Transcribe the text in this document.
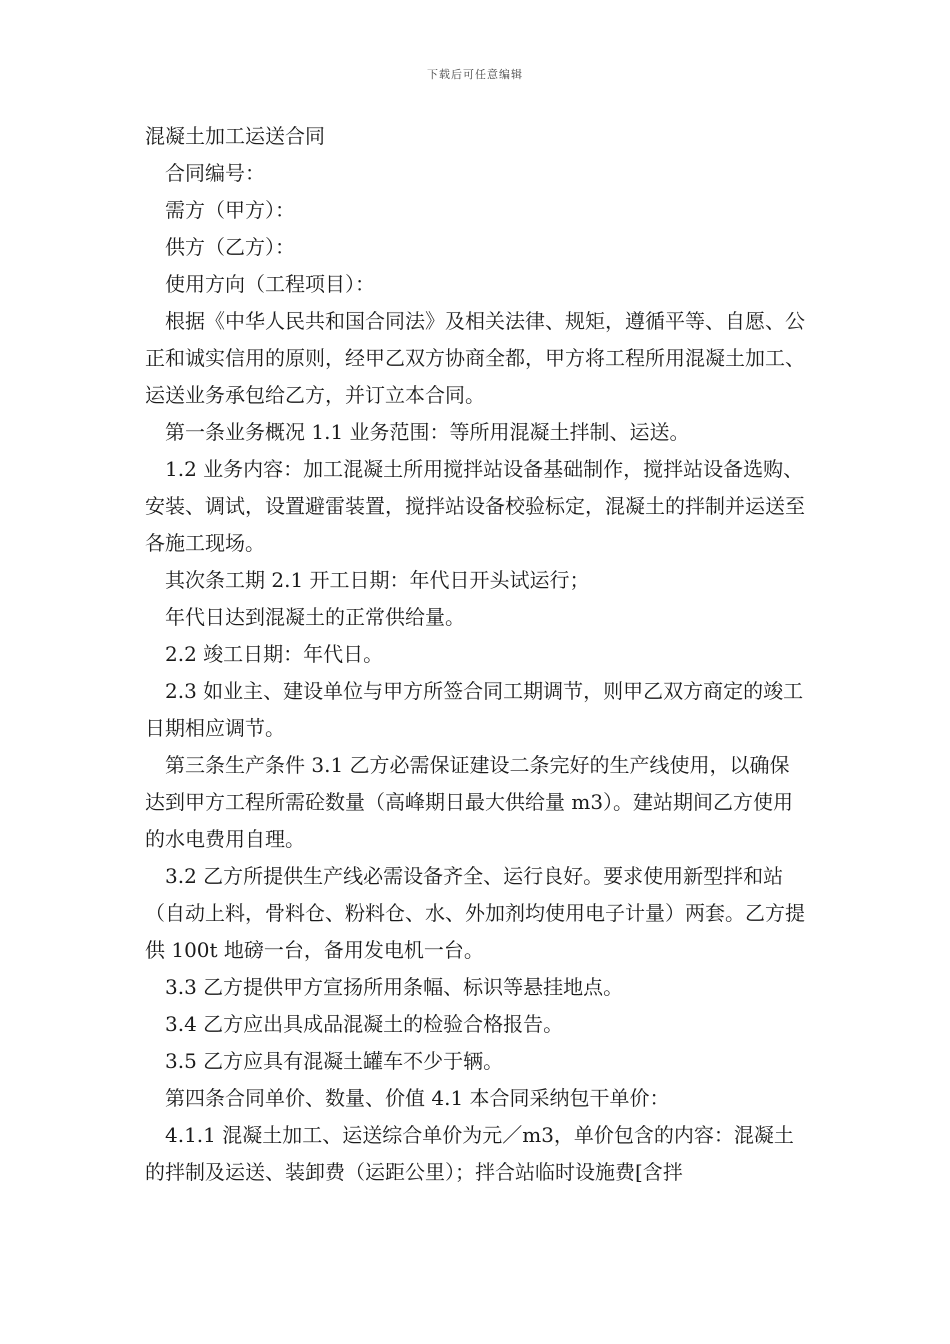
下载后可任意编辑

混凝土加工运送合同

合同编号：

需方（甲方）：

供方（乙方）：

使用方向（工程项目）：

根据《中华人民共和国合同法》及相关法律、规矩，遵循平等、自愿、公正和诚实信用的原则，经甲乙双方协商全都，甲方将工程所用混凝土加工、运送业务承包给乙方，并订立本合同。

第一条业务概况 1.1 业务范围：等所用混凝土拌制、运送。

1.2 业务内容：加工混凝土所用搅拌站设备基础制作，搅拌站设备选购、安装、调试，设置避雷装置，搅拌站设备校验标定，混凝土的拌制并运送至各施工现场。

其次条工期 2.1 开工日期：年代日开头试运行；

年代日达到混凝土的正常供给量。

2.2 竣工日期：年代日。

2.3 如业主、建设单位与甲方所签合同工期调节，则甲乙双方商定的竣工日期相应调节。

第三条生产条件 3.1 乙方必需保证建设二条完好的生产线使用，以确保达到甲方工程所需砼数量（高峰期日最大供给量 m3）。建站期间乙方使用的水电费用自理。

3.2 乙方所提供生产线必需设备齐全、运行良好。要求使用新型拌和站（自动上料，骨料仓、粉料仓、水、外加剂均使用电子计量）两套。乙方提供 100t 地磅一台，备用发电机一台。

3.3 乙方提供甲方宣扬所用条幅、标识等悬挂地点。

3.4 乙方应出具成品混凝土的检验合格报告。

3.5 乙方应具有混凝土罐车不少于辆。

第四条合同单价、数量、价值 4.1 本合同采纳包干单价：

4.1.1 混凝土加工、运送综合单价为元／m3，单价包含的内容：混凝土的拌制及运送、装卸费（运距公里）；拌合站临时设施费[含拌
